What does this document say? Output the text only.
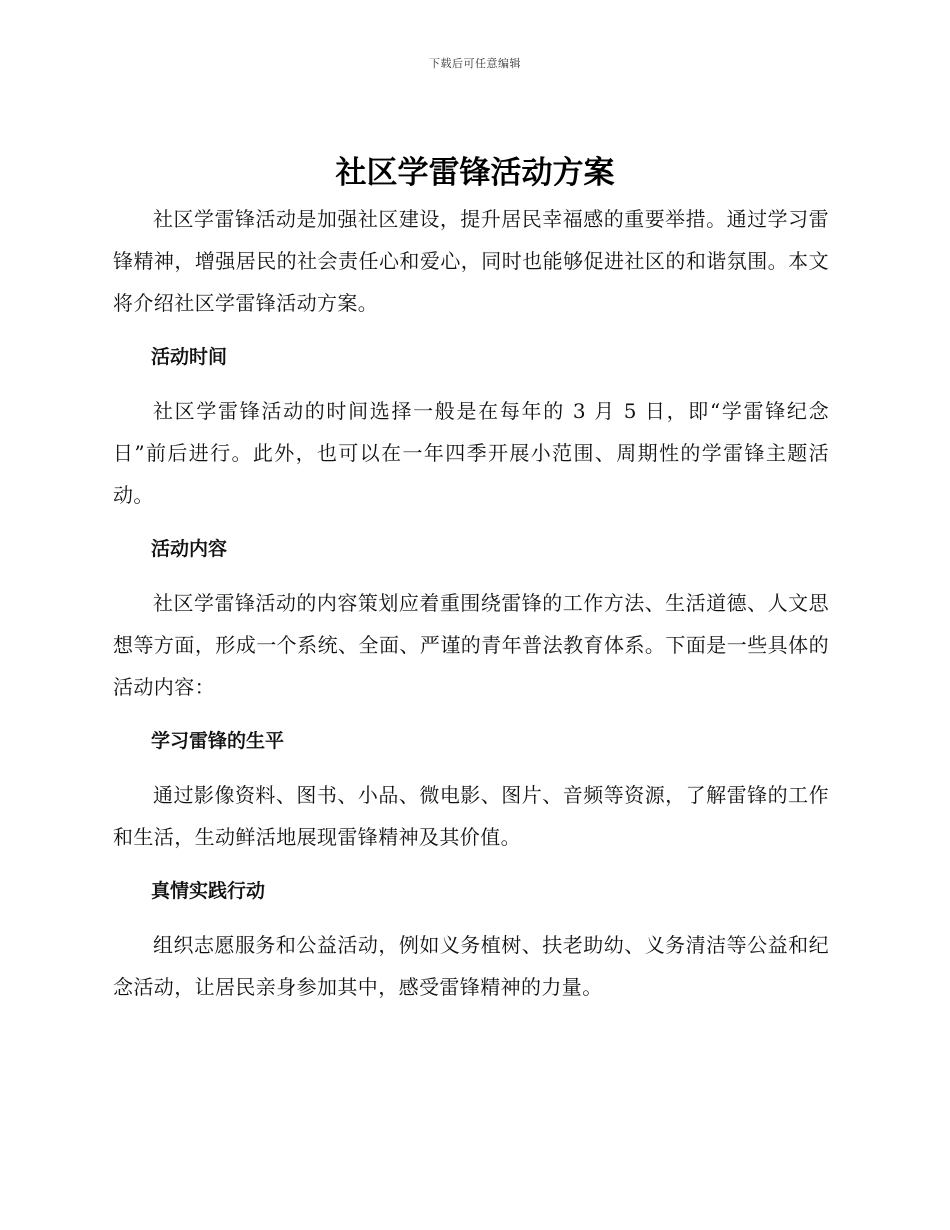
下载后可任意编辑
社区学雷锋活动方案

社区学雷锋活动是加强社区建设，提升居民幸福感的重要举措。通过学习雷锋精神，增强居民的社会责任心和爱心，同时也能够促进社区的和谐氛围。本文将介绍社区学雷锋活动方案。

活动时间

社区学雷锋活动的时间选择一般是在每年的 3 月 5 日，即“学雷锋纪念日”前后进行。此外，也可以在一年四季开展小范围、周期性的学雷锋主题活动。

活动内容

社区学雷锋活动的内容策划应着重围绕雷锋的工作方法、生活道德、人文思想等方面，形成一个系统、全面、严谨的青年普法教育体系。下面是一些具体的活动内容：

学习雷锋的生平

通过影像资料、图书、小品、微电影、图片、音频等资源，了解雷锋的工作和生活，生动鲜活地展现雷锋精神及其价值。

真情实践行动

组织志愿服务和公益活动，例如义务植树、扶老助幼、义务清洁等公益和纪念活动，让居民亲身参加其中，感受雷锋精神的力量。
